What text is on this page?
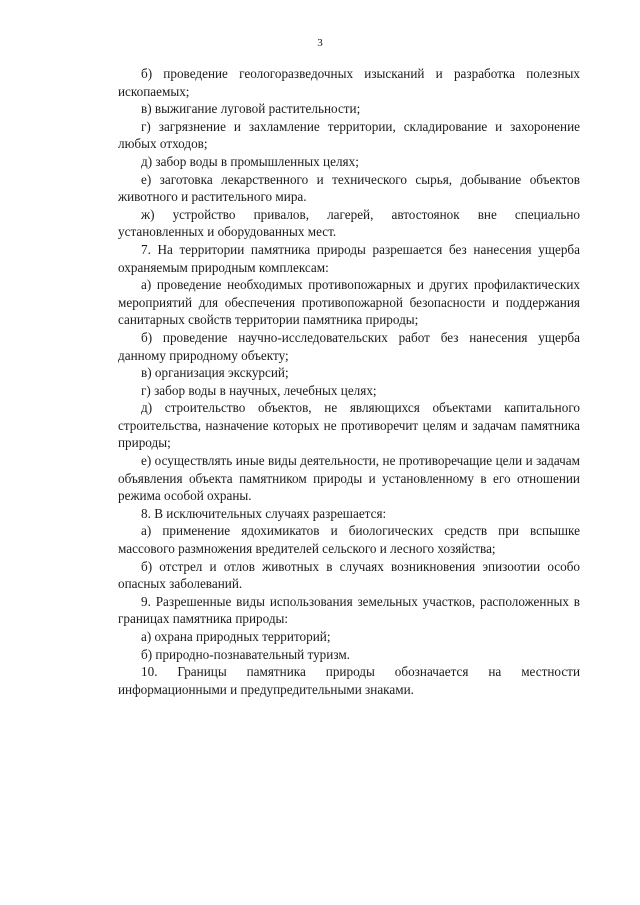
3

б) проведение геологоразведочных изысканий и разработка полезных ископаемых;

в) выжигание луговой растительности;

г) загрязнение и захламление территории, складирование и захоронение любых отходов;

д) забор воды в промышленных целях;

е) заготовка лекарственного и технического сырья, добывание объектов животного и растительного мира.

ж) устройство привалов, лагерей, автостоянок вне специально установленных и оборудованных мест.

7. На территории памятника природы разрешается без нанесения ущерба охраняемым природным комплексам:

а) проведение необходимых противопожарных и других профилактических мероприятий для обеспечения противопожарной безопасности и поддержания санитарных свойств территории памятника природы;

б) проведение научно-исследовательских работ без нанесения ущерба данному природному объекту;

в) организация экскурсий;

г) забор воды в научных, лечебных целях;

д) строительство объектов, не являющихся объектами капитального строительства, назначение которых не противоречит целям и задачам памятника природы;

е) осуществлять иные виды деятельности, не противоречащие цели и задачам объявления объекта памятником природы и установленному в его отношении режима особой охраны.

8. В исключительных случаях разрешается:

а) применение ядохимикатов и биологических средств при вспышке массового размножения вредителей сельского и лесного хозяйства;

б) отстрел и отлов животных в случаях возникновения эпизоотии особо опасных заболеваний.

9. Разрешенные виды использования земельных участков, расположенных в границах памятника природы:

а) охрана природных территорий;

б) природно-познавательный туризм.

10. Границы памятника природы обозначается на местности информационными и предупредительными знаками.
